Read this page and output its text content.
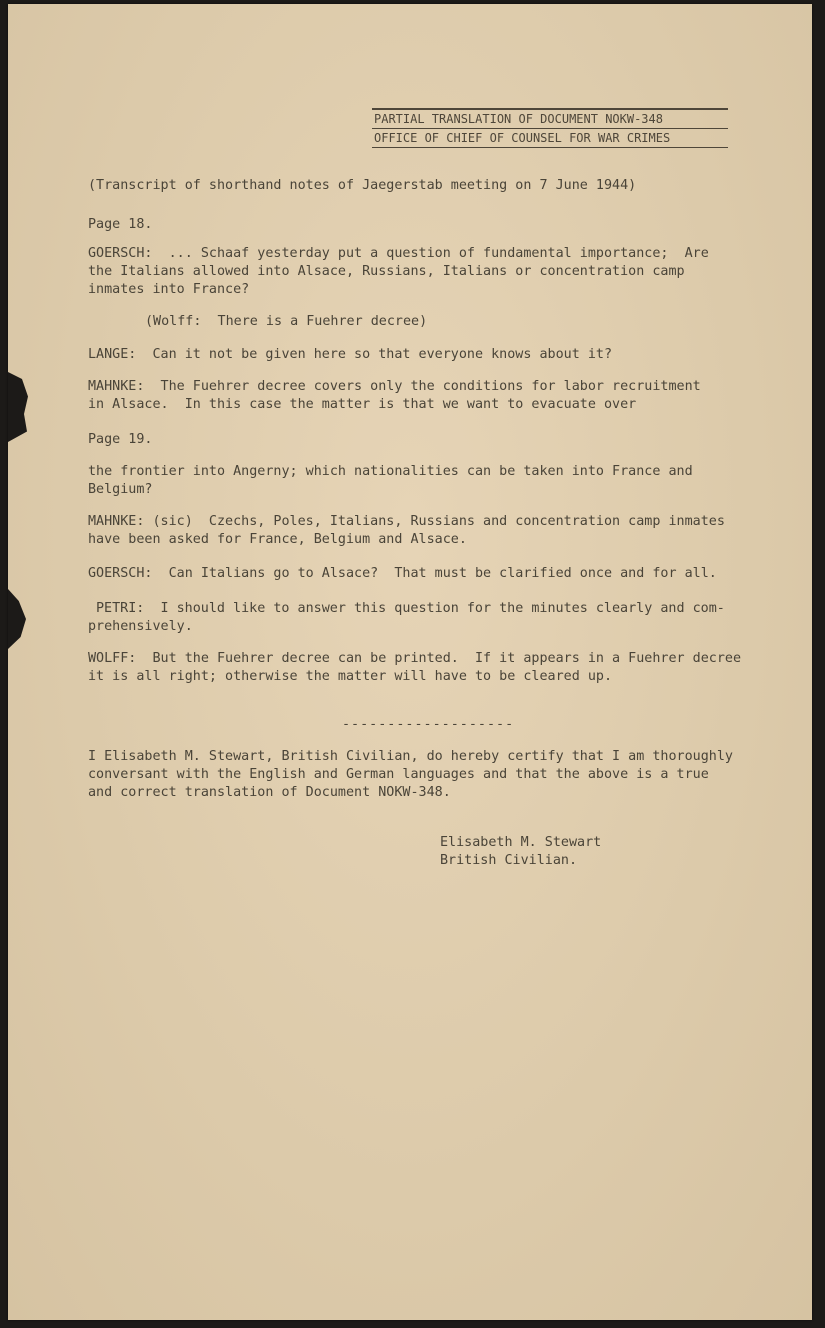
PARTIAL TRANSLATION OF DOCUMENT NOKW-348
OFFICE OF CHIEF OF COUNSEL FOR WAR CRIMES
(Transcript of shorthand notes of Jaegerstab meeting on 7 June 1944)
Page 18.
GOERSCH:  ... Schaaf yesterday put a question of fundamental importance;  Are
the Italians allowed into Alsace, Russians, Italians or concentration camp
inmates into France?
(Wolff:  There is a Fuehrer decree)
LANGE:  Can it not be given here so that everyone knows about it?
MAHNKE:  The Fuehrer decree covers only the conditions for labor recruitment
in Alsace.  In this case the matter is that we want to evacuate over
Page 19.
the frontier into Angerny; which nationalities can be taken into France and
Belgium?
MAHNKE: (sic)  Czechs, Poles, Italians, Russians and concentration camp inmates
have been asked for France, Belgium and Alsace.
GOERSCH:  Can Italians go to Alsace?  That must be clarified once and for all.
PETRI:  I should like to answer this question for the minutes clearly and com-
prehensively.
WOLFF:  But the Fuehrer decree can be printed.  If it appears in a Fuehrer decree
it is all right; otherwise the matter will have to be cleared up.
-------------------
I Elisabeth M. Stewart, British Civilian, do hereby certify that I am thoroughly
conversant with the English and German languages and that the above is a true
and correct translation of Document NOKW-348.
Elisabeth M. Stewart
British Civilian.
